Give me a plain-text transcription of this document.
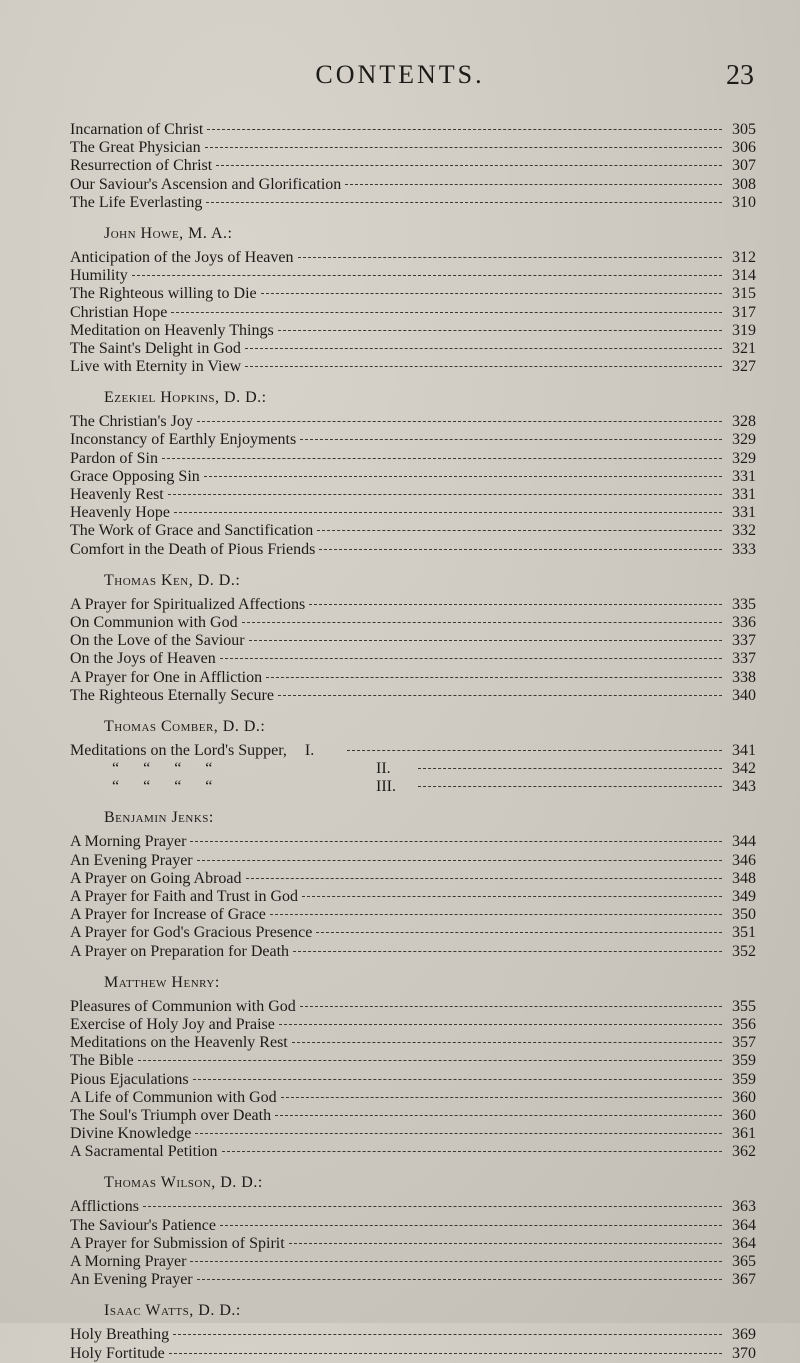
CONTENTS.	23
Incarnation of Christ	305
The Great Physician	306
Resurrection of Christ	307
Our Saviour's Ascension and Glorification	308
The Life Everlasting	310
John Howe, M. A.:
Anticipation of the Joys of Heaven	312
Humility	314
The Righteous willing to Die	315
Christian Hope	317
Meditation on Heavenly Things	319
The Saint's Delight in God	321
Live with Eternity in View	327
Ezekiel Hopkins, D. D.:
The Christian's Joy	328
Inconstancy of Earthly Enjoyments	329
Pardon of Sin	329
Grace Opposing Sin	331
Heavenly Rest	331
Heavenly Hope	331
The Work of Grace and Sanctification	332
Comfort in the Death of Pious Friends	333
Thomas Ken, D. D.:
A Prayer for Spiritualized Affections	335
On Communion with God	336
On the Love of the Saviour	337
On the Joys of Heaven	337
A Prayer for One in Affliction	338
The Righteous Eternally Secure	340
Thomas Comber, D. D.:
Meditations on the Lord's Supper, I.	341
“      “      “      “	II.	342
“      “      “      “	III.	343
Benjamin Jenks:
A Morning Prayer	344
An Evening Prayer	346
A Prayer on Going Abroad	348
A Prayer for Faith and Trust in God	349
A Prayer for Increase of Grace	350
A Prayer for God's Gracious Presence	351
A Prayer on Preparation for Death	352
Matthew Henry:
Pleasures of Communion with God	355
Exercise of Holy Joy and Praise	356
Meditations on the Heavenly Rest	357
The Bible	359
Pious Ejaculations	359
A Life of Communion with God	360
The Soul's Triumph over Death	360
Divine Knowledge	361
A Sacramental Petition	362
Thomas Wilson, D. D.:
Afflictions	363
The Saviour's Patience	364
A Prayer for Submission of Spirit	364
A Morning Prayer	365
An Evening Prayer	367
Isaac Watts, D. D.:
Holy Breathing	369
Holy Fortitude	370
